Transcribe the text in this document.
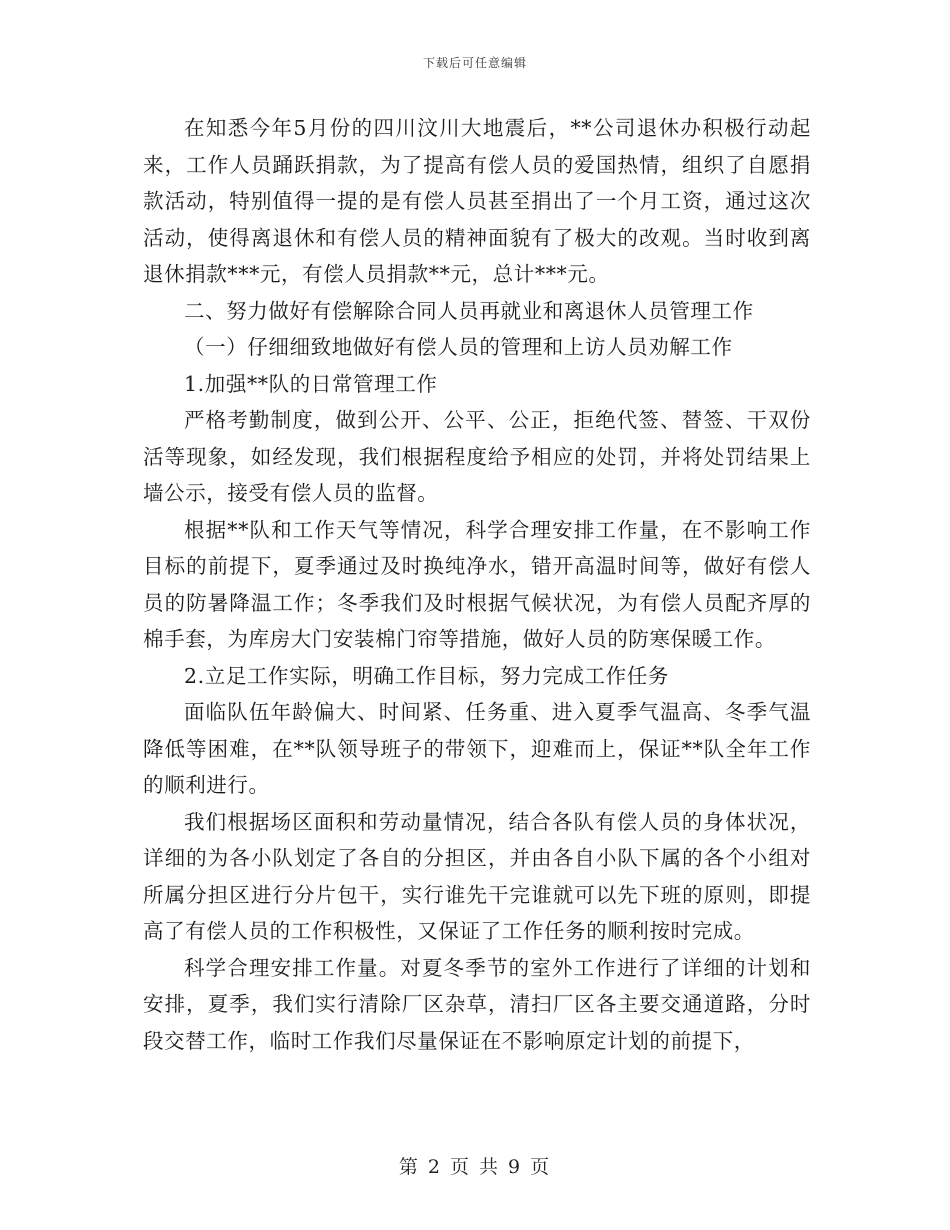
下载后可任意编辑

在知悉今年5月份的四川汶川大地震后，**公司退休办积极行动起来，工作人员踊跃捐款，为了提高有偿人员的爱国热情，组织了自愿捐款活动，特别值得一提的是有偿人员甚至捐出了一个月工资，通过这次活动，使得离退休和有偿人员的精神面貌有了极大的改观。当时收到离退休捐款***元，有偿人员捐款**元，总计***元。

二、努力做好有偿解除合同人员再就业和离退休人员管理工作

（一）仔细细致地做好有偿人员的管理和上访人员劝解工作

1.加强**队的日常管理工作

严格考勤制度，做到公开、公平、公正，拒绝代签、替签、干双份活等现象，如经发现，我们根据程度给予相应的处罚，并将处罚结果上墙公示，接受有偿人员的监督。

根据**队和工作天气等情况，科学合理安排工作量，在不影响工作目标的前提下，夏季通过及时换纯净水，错开高温时间等，做好有偿人员的防暑降温工作；冬季我们及时根据气候状况，为有偿人员配齐厚的棉手套，为库房大门安装棉门帘等措施，做好人员的防寒保暖工作。

2.立足工作实际，明确工作目标，努力完成工作任务

面临队伍年龄偏大、时间紧、任务重、进入夏季气温高、冬季气温降低等困难，在**队领导班子的带领下，迎难而上，保证**队全年工作的顺利进行。

我们根据场区面积和劳动量情况，结合各队有偿人员的身体状况，详细的为各小队划定了各自的分担区，并由各自小队下属的各个小组对所属分担区进行分片包干，实行谁先干完谁就可以先下班的原则，即提高了有偿人员的工作积极性，又保证了工作任务的顺利按时完成。

科学合理安排工作量。对夏冬季节的室外工作进行了详细的计划和安排，夏季，我们实行清除厂区杂草，清扫厂区各主要交通道路，分时段交替工作，临时工作我们尽量保证在不影响原定计划的前提下，

第 2 页 共 9 页
